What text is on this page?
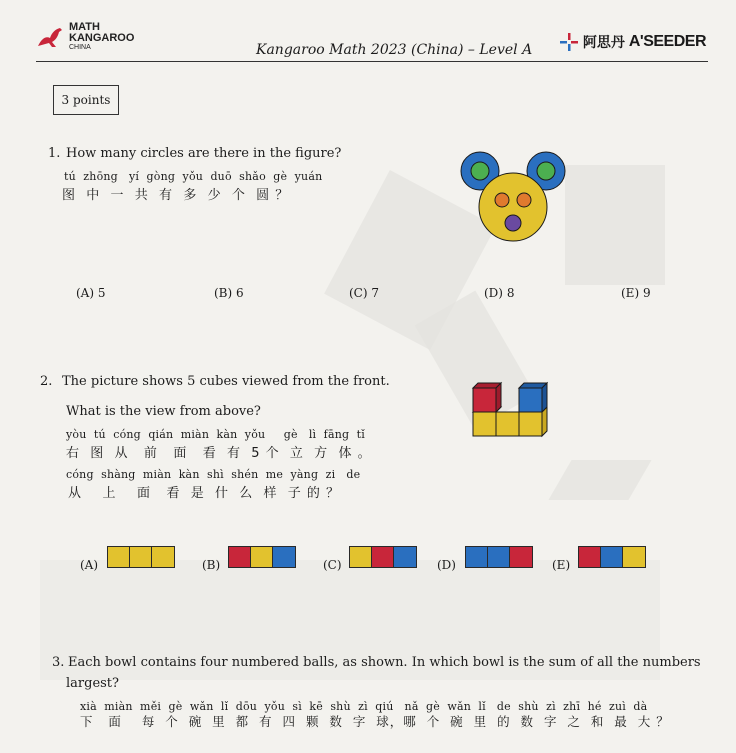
MATH
KANGAROO
CHINA	Kangaroo Math 2023 (China) – Level A	阿思丹 A'SEEDER
3 points
1. How many circles are there in the figure?
tú  zhōng   yí  gòng  yǒu  duō  shǎo  gè  yuán
图  中  一  共  有  多  少  个  圆 ？
(A) 5	(B) 6	(C) 7	(D) 8	(E) 9
2. The picture shows 5 cubes viewed from the front.
What is the view from above?
yòu  tú  cóng  qián  miàn  kàn  yǒu     gè   lì  fāng  tǐ
右  图  从   前   面   看  有  5 个  立  方  体 。
cóng  shàng  miàn  kàn  shì  shén  me  yàng  zi   de
从    上    面   看  是  什  么  样  子 的 ？
(A)	(B)	(C)	(D)	(E)
3. Each bowl contains four numbered balls, as shown. In which bowl is the sum of all the numbers
largest?
xià  miàn  měi  gè  wǎn  lǐ  dōu  yǒu  sì  kē  shù  zì  qiú   nǎ  gè  wǎn  lǐ   de  shù  zì  zhī  hé  zuì  dà
下   面    每  个  碗  里  都  有  四  颗  数  字  球，哪  个  碗  里  的  数  字  之  和  最  大 ？
